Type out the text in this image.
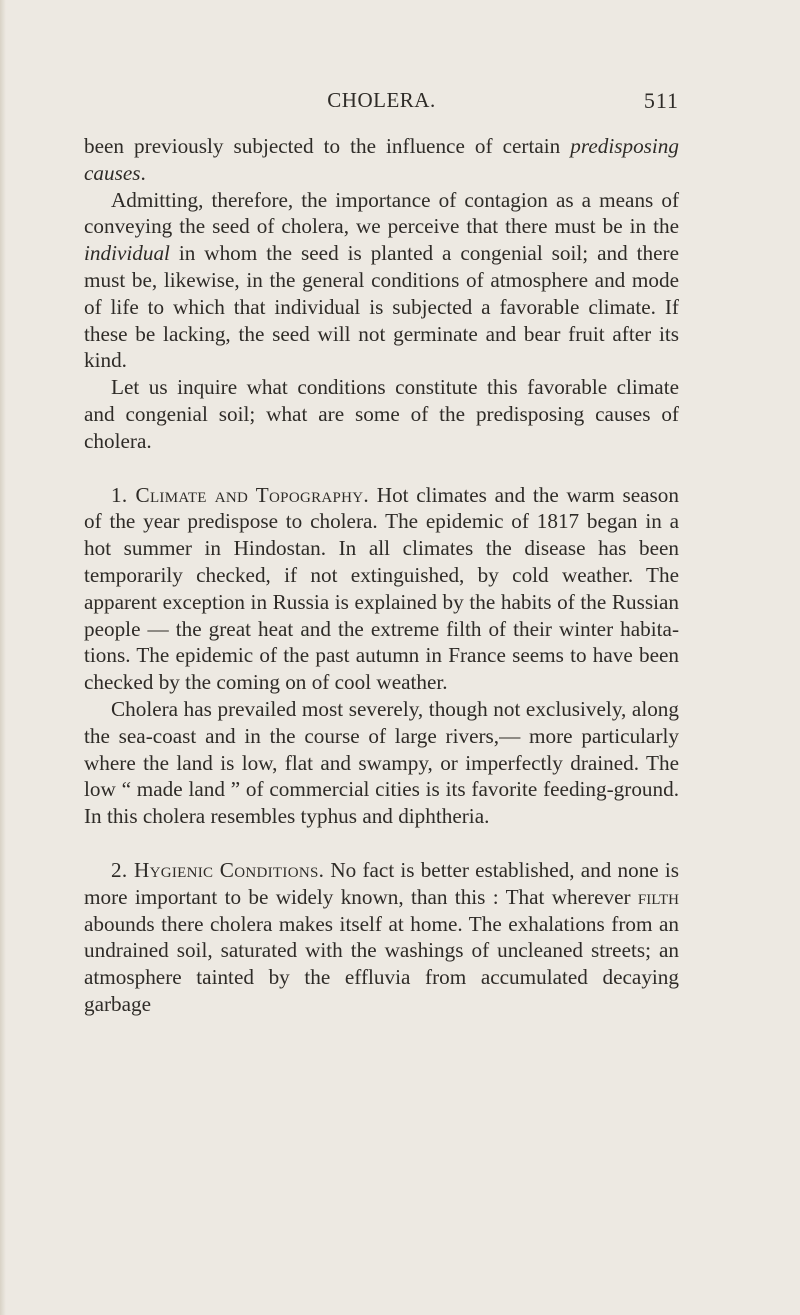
CHOLERA.	511

been previously subjected to the influence of certain predisposing causes.

Admitting, therefore, the importance of contagion as a means of conveying the seed of cholera, we perceive that there must be in the individual in whom the seed is planted a congenial soil; and there must be, likewise, in the general conditions of atmosphere and mode of life to which that individual is subjected a favorable climate. If these be lacking, the seed will not germinate and bear fruit after its kind.

Let us inquire what conditions constitute this favorable climate and congenial soil; what are some of the predisposing causes of cholera.

1. Climate and Topography. Hot climates and the warm season of the year predispose to cholera. The epidemic of 1817 began in a hot summer in Hindostan. In all climates the disease has been temporarily checked, if not extinguished, by cold weather. The apparent exception in Russia is explained by the habits of the Russian people — the great heat and the extreme filth of their winter habitations. The epidemic of the past autumn in France seems to have been checked by the coming on of cool weather.

Cholera has prevailed most severely, though not exclusively, along the sea-coast and in the course of large rivers,— more particularly where the land is low, flat and swampy, or imperfectly drained. The low “ made land ” of commercial cities is its favorite feeding-ground. In this cholera resembles typhus and diphtheria.

2. Hygienic Conditions. No fact is better established, and none is more important to be widely known, than this : That wherever filth abounds there cholera makes itself at home. The exhalations from an undrained soil, saturated with the washings of uncleaned streets; an atmosphere tainted by the effluvia from accumulated decaying garbage
